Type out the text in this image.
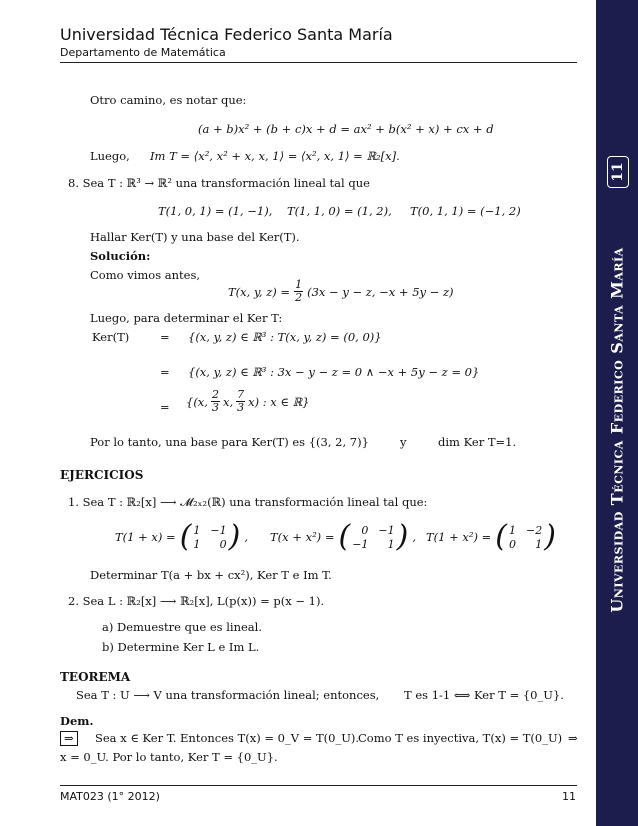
Universidad Técnica Federico Santa María
Departamento de Matemática
11
Universidad Técnica Federico Santa María
Otro camino, es notar que:
(a + b)x² + (b + c)x + d = ax² + b(x² + x) + cx + d
Luego, Im T = ⟨x², x² + x, x, 1⟩ = ⟨x², x, 1⟩ = ℝ₂[x].
8. Sea T : ℝ³ → ℝ² una transformación lineal tal que
T(1, 0, 1) = (1, −1), T(1, 1, 0) = (1, 2), T(0, 1, 1) = (−1, 2)
Hallar Ker(T) y una base del Ker(T).
Solución:
Como vimos antes,
T(x, y, $z) = \frac{1}{2} (3x - y - z$, −x + 5y − z)
Luego, para determinar el Ker T:
Ker(T)	= {(x, y, z) ∈ ℝ³ : T(x, y, z) = (0, 0)}
= {(x, y, z) ∈ ℝ³ : 3x − y − z = 0 ∧ −x + 5y − z = 0}
= {(x, $\frac{2}{3} x$, $\frac{7}{3} x$) : x ∈ ℝ}
Por lo tanto, una base para Ker(T) es {(3, 2, 7)}	y	dim Ker T=1.
EJERCICIOS
1. Sea T : ℝ₂[x] ⟶ 𝓜₂ₓ₂(ℝ) una transformación lineal tal que:
T(1 + x) = ( 1 −1
1	0 ) , T(x + x²) = (	0 −1
−1	1 ) , T(1 + x²) = ( 1 −2
0	1 )
Determinar T(a + bx + cx²), Ker T e Im T.
2. Sea L : ℝ₂[x] ⟶ ℝ₂[x], L(p(x)) = p(x − 1).
a) Demuestre que es lineal.
b) Determine Ker L e Im L.
TEOREMA
Sea T : U ⟶ V una transformación lineal; entonces, T es 1-1 ⟺ Ker T = {0_U}.
Dem.
⇒	Sea x ∈ Ker T. Entonces T(x) = 0_V = T(0_U).
Como T es inyectiva, T(x) = T(0_U) ⇒
x = 0_U. Por lo tanto, Ker T = {0_U}.
MAT023 (1° 2012)	11
